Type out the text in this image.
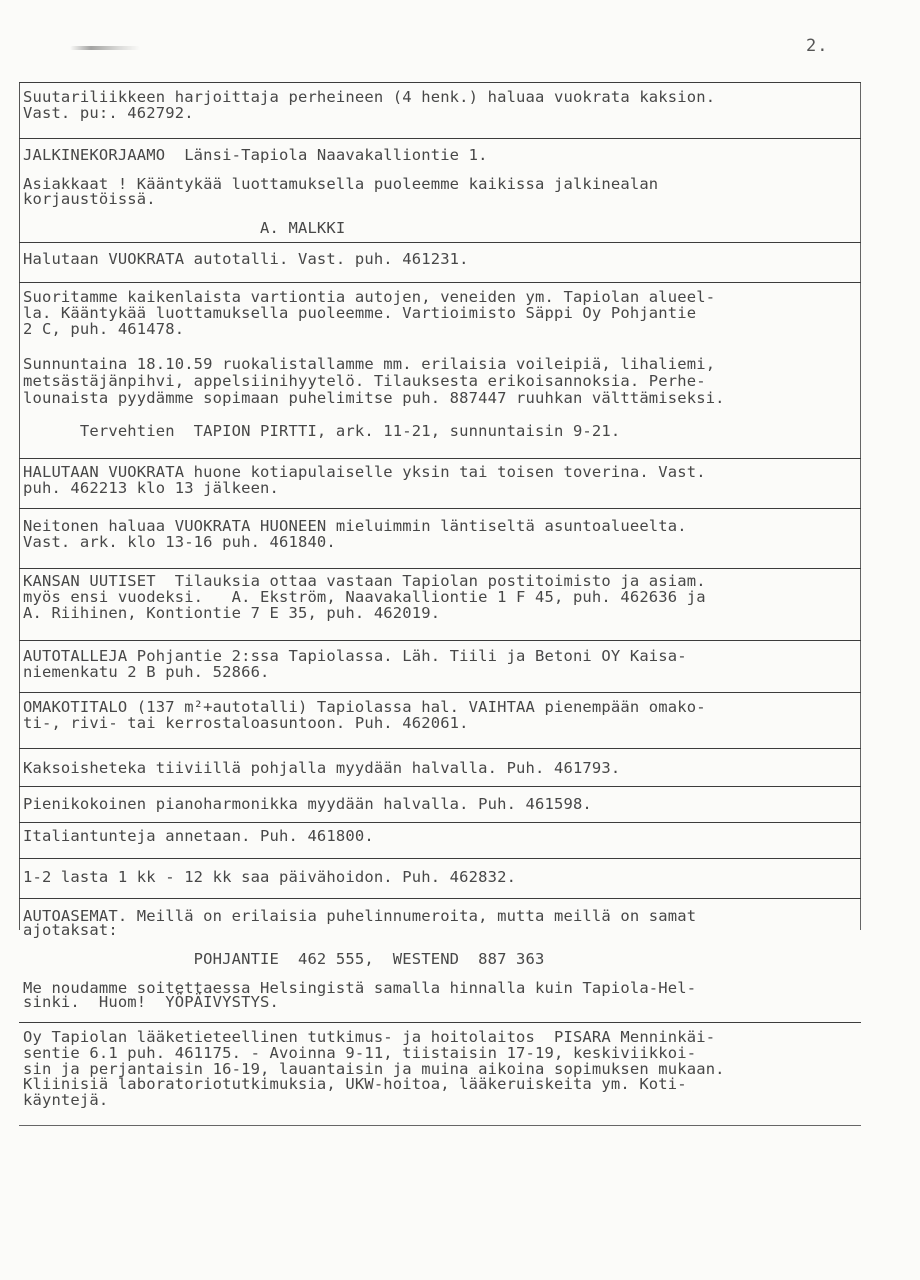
2.
Suutariliikkeen harjoittaja perheineen (4 henk.) haluaa vuokrata kaksion.
Vast. pu:. 462792.
JALKINEKORJAAMO  Länsi-Tapiola Naavakalliontie 1.

Asiakkaat ! Kääntykää luottamuksella puoleemme kaikissa jalkinealan
korjaustöissä.

A. MALKKI
Halutaan VUOKRATA autotalli. Vast. puh. 461231.
Suoritamme kaikenlaista vartiontia autojen, veneiden ym. Tapiolan alueel-
la. Kääntykää luottamuksella puoleemme. Vartioimisto Säppi Oy Pohjantie
2 C, puh. 461478.
Sunnuntaina 18.10.59 ruokalistallamme mm. erilaisia voileipiä, lihaliemi,
metsästäjänpihvi, appelsiinihyytelö. Tilauksesta erikoisannoksia. Perhe-
lounaista pyydämme sopimaan puhelimitse puh. 887447 ruuhkan välttämiseksi.

Tervehtien  TAPION PIRTTI, ark. 11-21, sunnuntaisin 9-21.
HALUTAAN VUOKRATA huone kotiapulaiselle yksin tai toisen toverina. Vast.
puh. 462213 klo 13 jälkeen.
Neitonen haluaa VUOKRATA HUONEEN mieluimmin läntiseltä asuntoalueelta.
Vast. ark. klo 13-16 puh. 461840.
KANSAN UUTISET  Tilauksia ottaa vastaan Tapiolan postitoimisto ja asiam.
myös ensi vuodeksi.   A. Ekström, Naavakalliontie 1 F 45, puh. 462636 ja
A. Riihinen, Kontiontie 7 E 35, puh. 462019.
AUTOTALLEJA Pohjantie 2:ssa Tapiolassa. Läh. Tiili ja Betoni OY Kaisa-
niemenkatu 2 B puh. 52866.
OMAKOTITALO (137 m²+autotalli) Tapiolassa hal. VAIHTAA pienempään omako-
ti-, rivi- tai kerrostaloasuntoon. Puh. 462061.
Kaksoisheteka tiiviillä pohjalla myydään halvalla. Puh. 461793.
Pienikokoinen pianoharmonikka myydään halvalla. Puh. 461598.
Italiantunteja annetaan. Puh. 461800.
1-2 lasta 1 kk - 12 kk saa päivähoidon. Puh. 462832.
AUTOASEMAT. Meillä on erilaisia puhelinnumeroita, mutta meillä on samat
ajotaksat:

POHJANTIE  462 555,  WESTEND  887 363

Me noudamme soitettaessa Helsingistä samalla hinnalla kuin Tapiola-Hel-
sinki.  Huom!  YÖPÄIVYSTYS.
Oy Tapiolan lääketieteellinen tutkimus- ja hoitolaitos  PISARA Menninkäi-
sentie 6.1 puh. 461175. - Avoinna 9-11, tiistaisin 17-19, keskiviikkoi-
sin ja perjantaisin 16-19, lauantaisin ja muina aikoina sopimuksen mukaan.
Kliinisiä laboratoriotutkimuksia, UKW-hoitoa, lääkeruiskeita ym. Koti-
käyntejä.
